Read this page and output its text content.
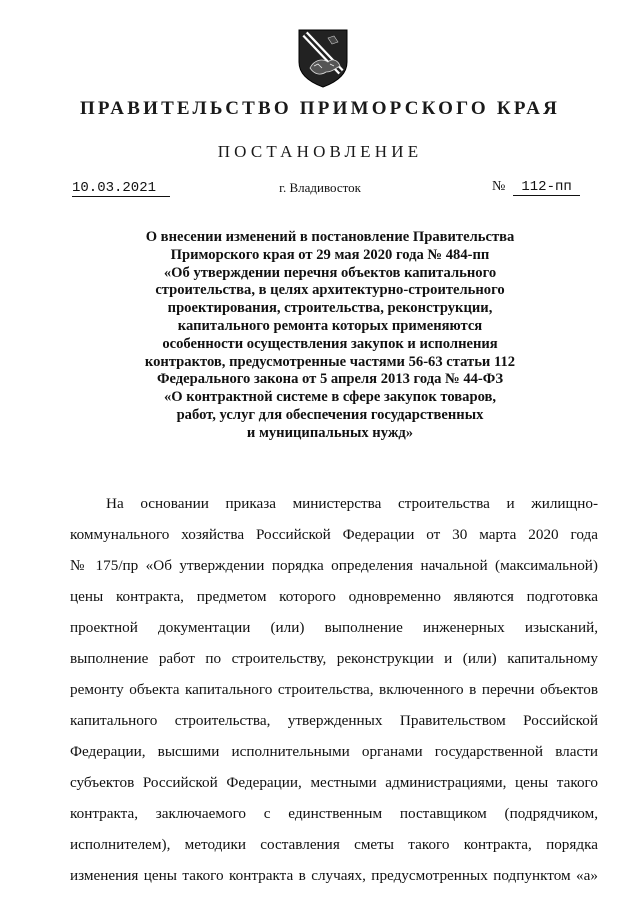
ПРАВИТЕЛЬСТВО ПРИМОРСКОГО КРАЯ
ПОСТАНОВЛЕНИЕ
10.03.2021	г. Владивосток	№ 112-пп
О внесении изменений в постановление Правительства
Приморского края от 29 мая 2020 года № 484-пп
«Об утверждении перечня объектов капитального
строительства, в целях архитектурно-строительного
проектирования, строительства, реконструкции,
капитального ремонта которых применяются
особенности осуществления закупок и исполнения
контрактов, предусмотренные частями 56-63 статьи 112
Федерального закона от 5 апреля 2013 года № 44-ФЗ
«О контрактной системе в сфере закупок товаров,
работ, услуг для обеспечения государственных
и муниципальных нужд»
На основании приказа министерства строительства и жилищно-
коммунального хозяйства Российской Федерации от 30 марта 2020 года
№ 175/пр «Об утверждении порядка определения начальной (максимальной)
цены контракта, предметом которого одновременно являются подготовка
проектной документации (или) выполнение инженерных изысканий,
выполнение работ по строительству, реконструкции и (или) капитальному
ремонту объекта капитального строительства, включенного в перечни объектов
капитального строительства, утвержденных Правительством Российской
Федерации, высшими исполнительными органами государственной власти
субъектов Российской Федерации, местными администрациями, цены такого
контракта, заключаемого с единственным поставщиком (подрядчиком,
исполнителем), методики составления сметы такого контракта, порядка
изменения цены такого контракта в случаях, предусмотренных подпунктом «а»
